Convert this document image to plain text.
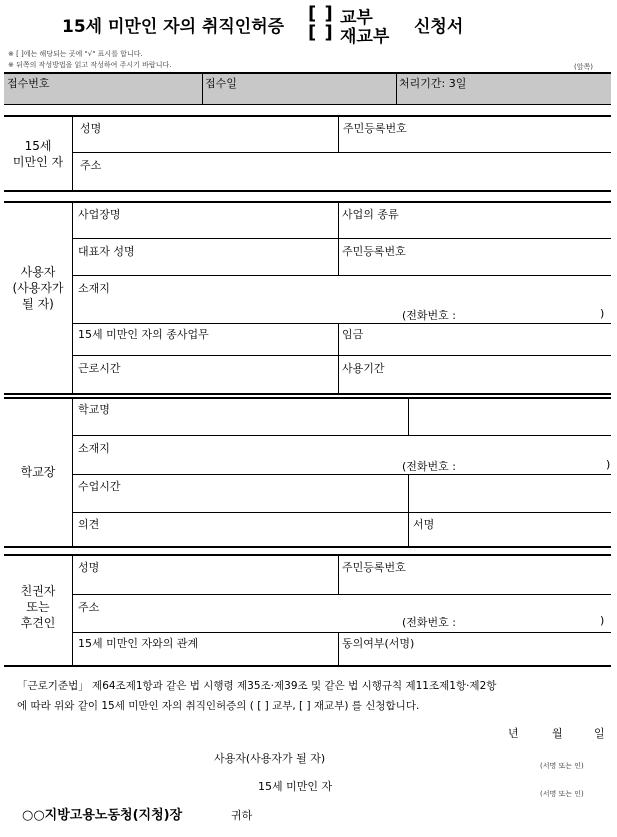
15세 미만인 자의 취직인허증
[ ] 교부
[ ] 재교부 신청서
※ [ ]에는 해당되는 곳에 "√" 표시를 합니다.
※ 뒤쪽의 작성방법을 읽고 작성하여 주시기 바랍니다.	(앞쪽)
접수번호	접수일	처리기간: 3일
15세
미만인 자
성명	주민등록번호
주소
사용자
(사용자가
될 자)
사업장명	사업의 종류
대표자 성명	주민등록번호
소재지
(전화번호 :	)
15세 미만인 자의 종사업무	임금
근로시간	사용기간
학교장
학교명
소재지
(전화번호 :	)
수업시간
의견	서명
친권자
또는
후견인
성명	주민등록번호
주소
(전화번호 :	)
15세 미만인 자와의 관계	동의여부(서명)
「근로기준법」 제64조제1항과 같은 법 시행령 제35조·제39조 및 같은 법 시행규칙 제11조제1항·제2항
에 따라 위와 같이 15세 미만인 자의 취직인허증의 ( [ ] 교부, [ ] 재교부) 를 신청합니다.
년	월	일
사용자(사용자가 될 자)
(서명 또는 인)
15세 미만인 자
(서명 또는 인)
○○지방고용노동청(지청)장	귀하
